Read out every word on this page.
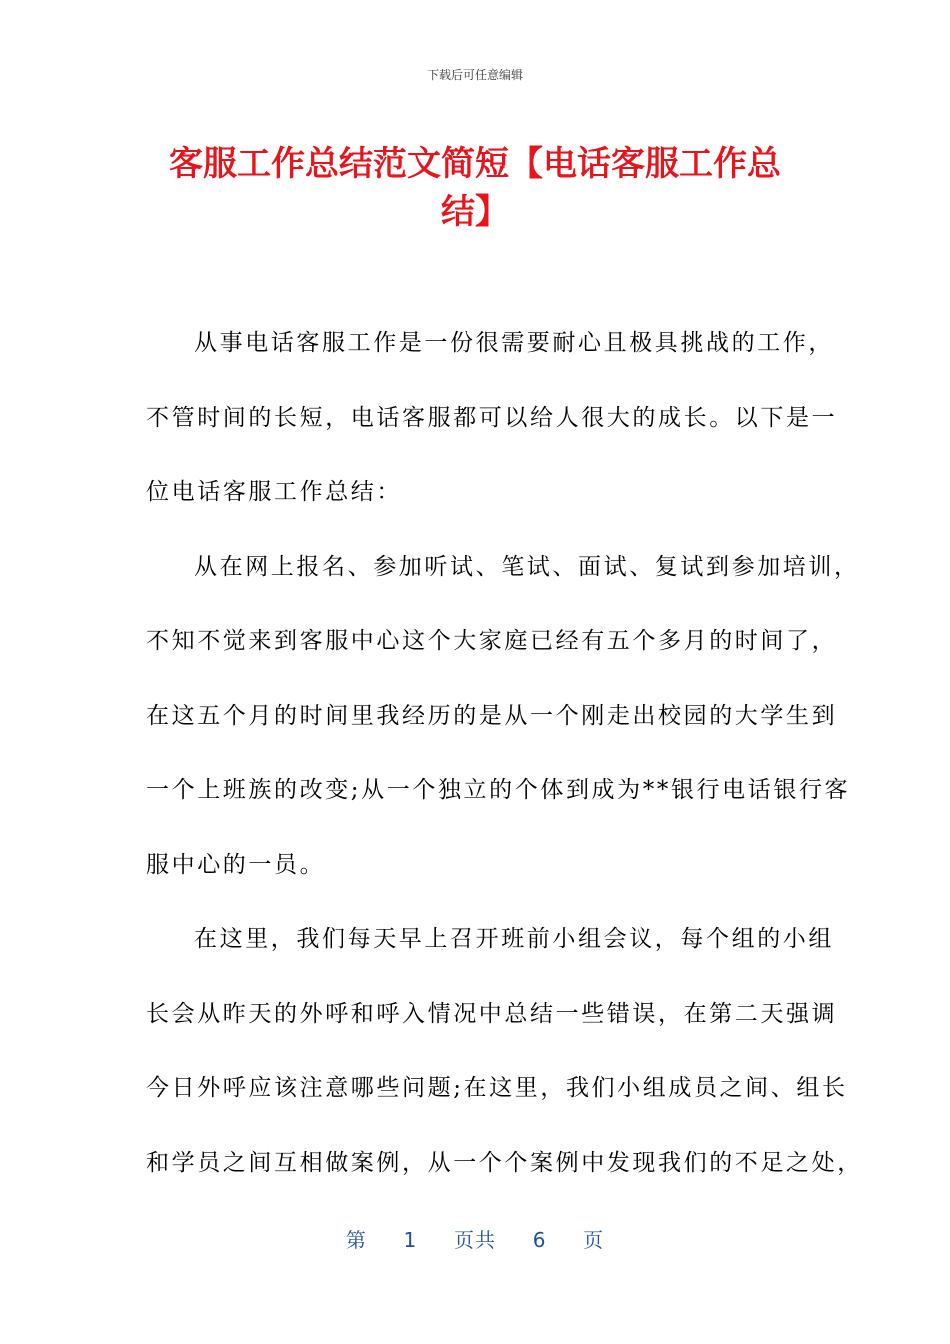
下载后可任意编辑
客服工作总结范文简短【电话客服工作总
结】
从事电话客服工作是一份很需要耐心且极具挑战的工作，
不管时间的长短，电话客服都可以给人很大的成长。以下是一
位电话客服工作总结：
从在网上报名、参加听试、笔试、面试、复试到参加培训，
不知不觉来到客服中心这个大家庭已经有五个多月的时间了，
在这五个月的时间里我经历的是从一个刚走出校园的大学生到
一个上班族的改变;从一个独立的个体到成为**银行电话银行客
服中心的一员。
在这里，我们每天早上召开班前小组会议，每个组的小组
长会从昨天的外呼和呼入情况中总结一些错误，在第二天强调
今日外呼应该注意哪些问题;在这里，我们小组成员之间、组长
和学员之间互相做案例，从一个个案例中发现我们的不足之处，
第 1 页共 6 页
